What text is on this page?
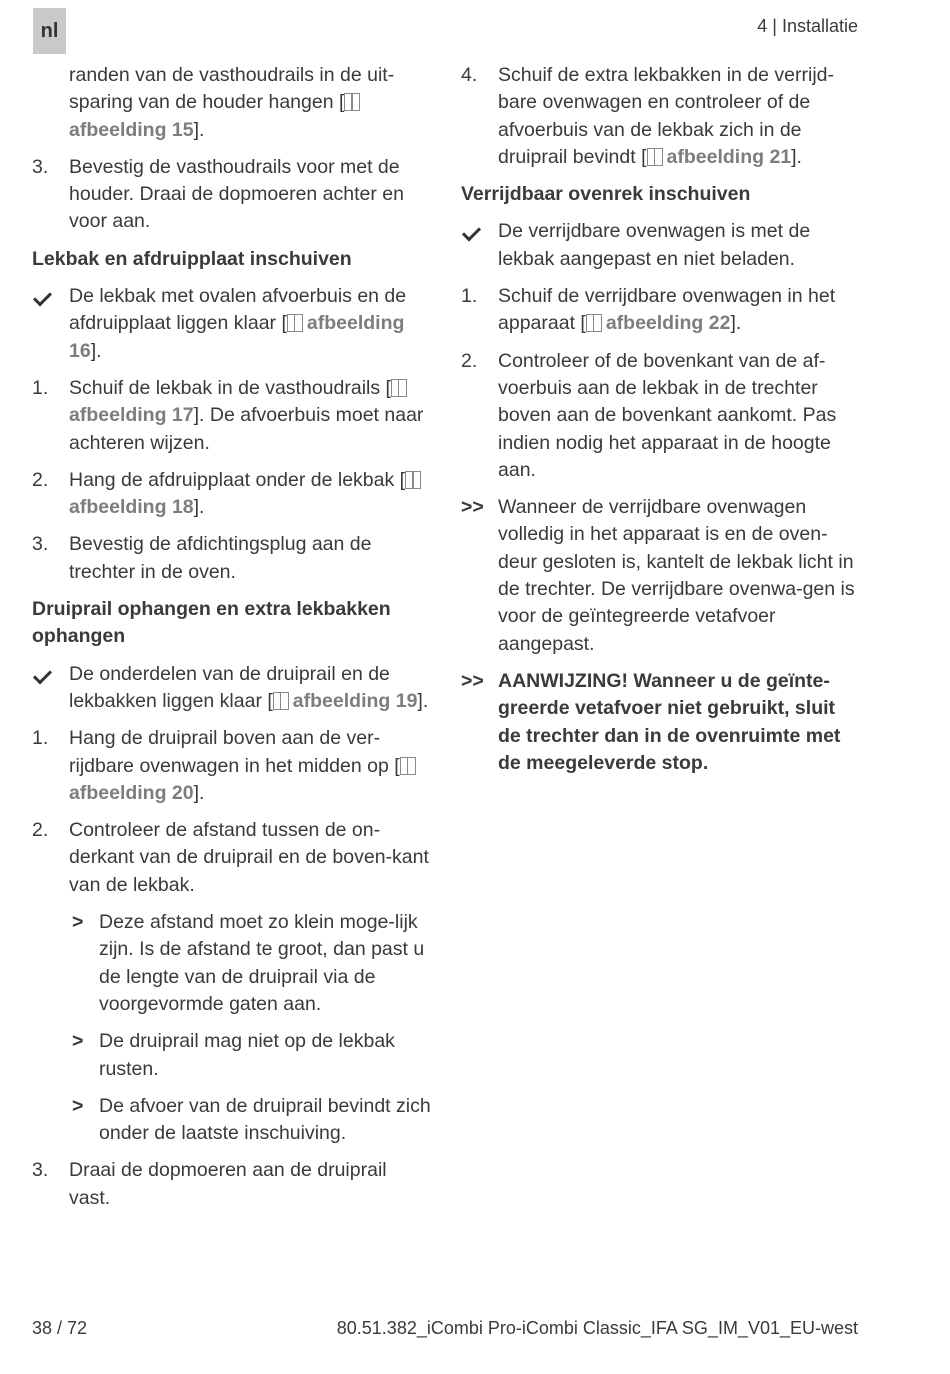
nl	4 | Installatie
randen van de vasthoudrails in de uit-sparing van de houder hangen [afbeelding 15].
3. Bevestig de vasthoudrails voor met de houder. Draai de dopmoeren achter en voor aan.
Lekbak en afdruipplaat inschuiven
De lekbak met ovalen afvoerbuis en de afdruipplaat liggen klaar [ afbeelding 16].
1. Schuif de lekbak in de vasthoudrails [afbeelding 17]. De afvoerbuis moet naar achteren wijzen.
2. Hang de afdruipplaat onder de lekbak [afbeelding 18].
3. Bevestig de afdichtingsplug aan de trechter in de oven.
Druiprail ophangen en extra lekbakken ophangen
De onderdelen van de druiprail en de lekbakken liggen klaar [ afbeelding 19].
1. Hang de druiprail boven aan de ver-rijdbare ovenwagen in het midden op [afbeelding 20].
2. Controleer de afstand tussen de on-derkant van de druiprail en de boven-kant van de lekbak.
> Deze afstand moet zo klein moge-lijk zijn. Is de afstand te groot, dan past u de lengte van de druiprail via de voorgevormde gaten aan.
> De druiprail mag niet op de lekbak rusten.
> De afvoer van de druiprail bevindt zich onder de laatste inschuiving.
3. Draai de dopmoeren aan de druiprail vast.
4. Schuif de extra lekbakken in de verrijd-bare ovenwagen en controleer of de afvoerbuis van de lekbak zich in de druiprail bevindt [ afbeelding 21].
Verrijdbaar ovenrek inschuiven
De verrijdbare ovenwagen is met de lekbak aangepast en niet beladen.
1. Schuif de verrijdbare ovenwagen in het apparaat [ afbeelding 22].
2. Controleer of de bovenkant van de af-voerbuis aan de lekbak in de trechter boven aan de bovenkant aankomt. Pas indien nodig het apparaat in de hoogte aan.
>> Wanneer de verrijdbare ovenwagen volledig in het apparaat is en de oven-deur gesloten is, kantelt de lekbak licht in de trechter. De verrijdbare ovenwa-gen is voor de geïntegreerde vetafvoer aangepast.
>> AANWIJZING! Wanneer u de geïnte-greerde vetafvoer niet gebruikt, sluit de trechter dan in de ovenruimte met de meegeleverde stop.
38 / 72	80.51.382_iCombi Pro-iCombi Classic_IFA SG_IM_V01_EU-west
